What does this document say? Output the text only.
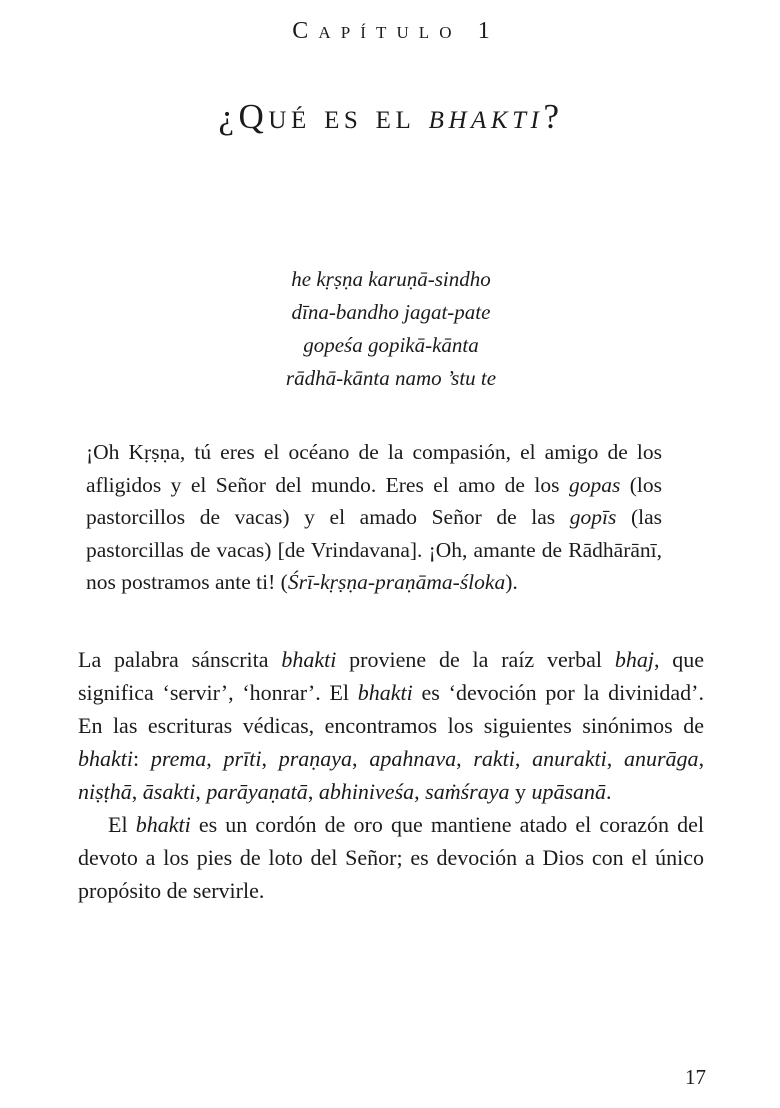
Capítulo 1
¿Qué es el bhakti?
he kṛṣṇa karuṇā-sindho
dīna-bandho jagat-pate
gopeśa gopikā-kānta
rādhā-kānta namo ’stu te
¡Oh Kṛṣṇa, tú eres el océano de la compasión, el amigo de los afligidos y el Señor del mundo. Eres el amo de los gopas (los pastorcillos de vacas) y el amado Señor de las gopīs (las pastorcillas de vacas) [de Vrindavana]. ¡Oh, amante de Rādhārānī, nos postramos ante ti! (Śrī-kṛṣṇa-praṇāma-śloka).

La palabra sánscrita bhakti proviene de la raíz verbal bhaj, que significa ‘servir’, ‘honrar’. El bhakti es ‘devoción por la divinidad’. En las escrituras védicas, encontramos los siguientes sinónimos de bhakti: prema, prīti, praṇaya, apahnava, rakti, anurakti, anurāga, niṣṭhā, āsakti, parāyaṇatā, abhiniveśa, saṁśraya y upāsanā.

El bhakti es un cordón de oro que mantiene atado el corazón del devoto a los pies de loto del Señor; es devoción a Dios con el único propósito de servirle.

17
